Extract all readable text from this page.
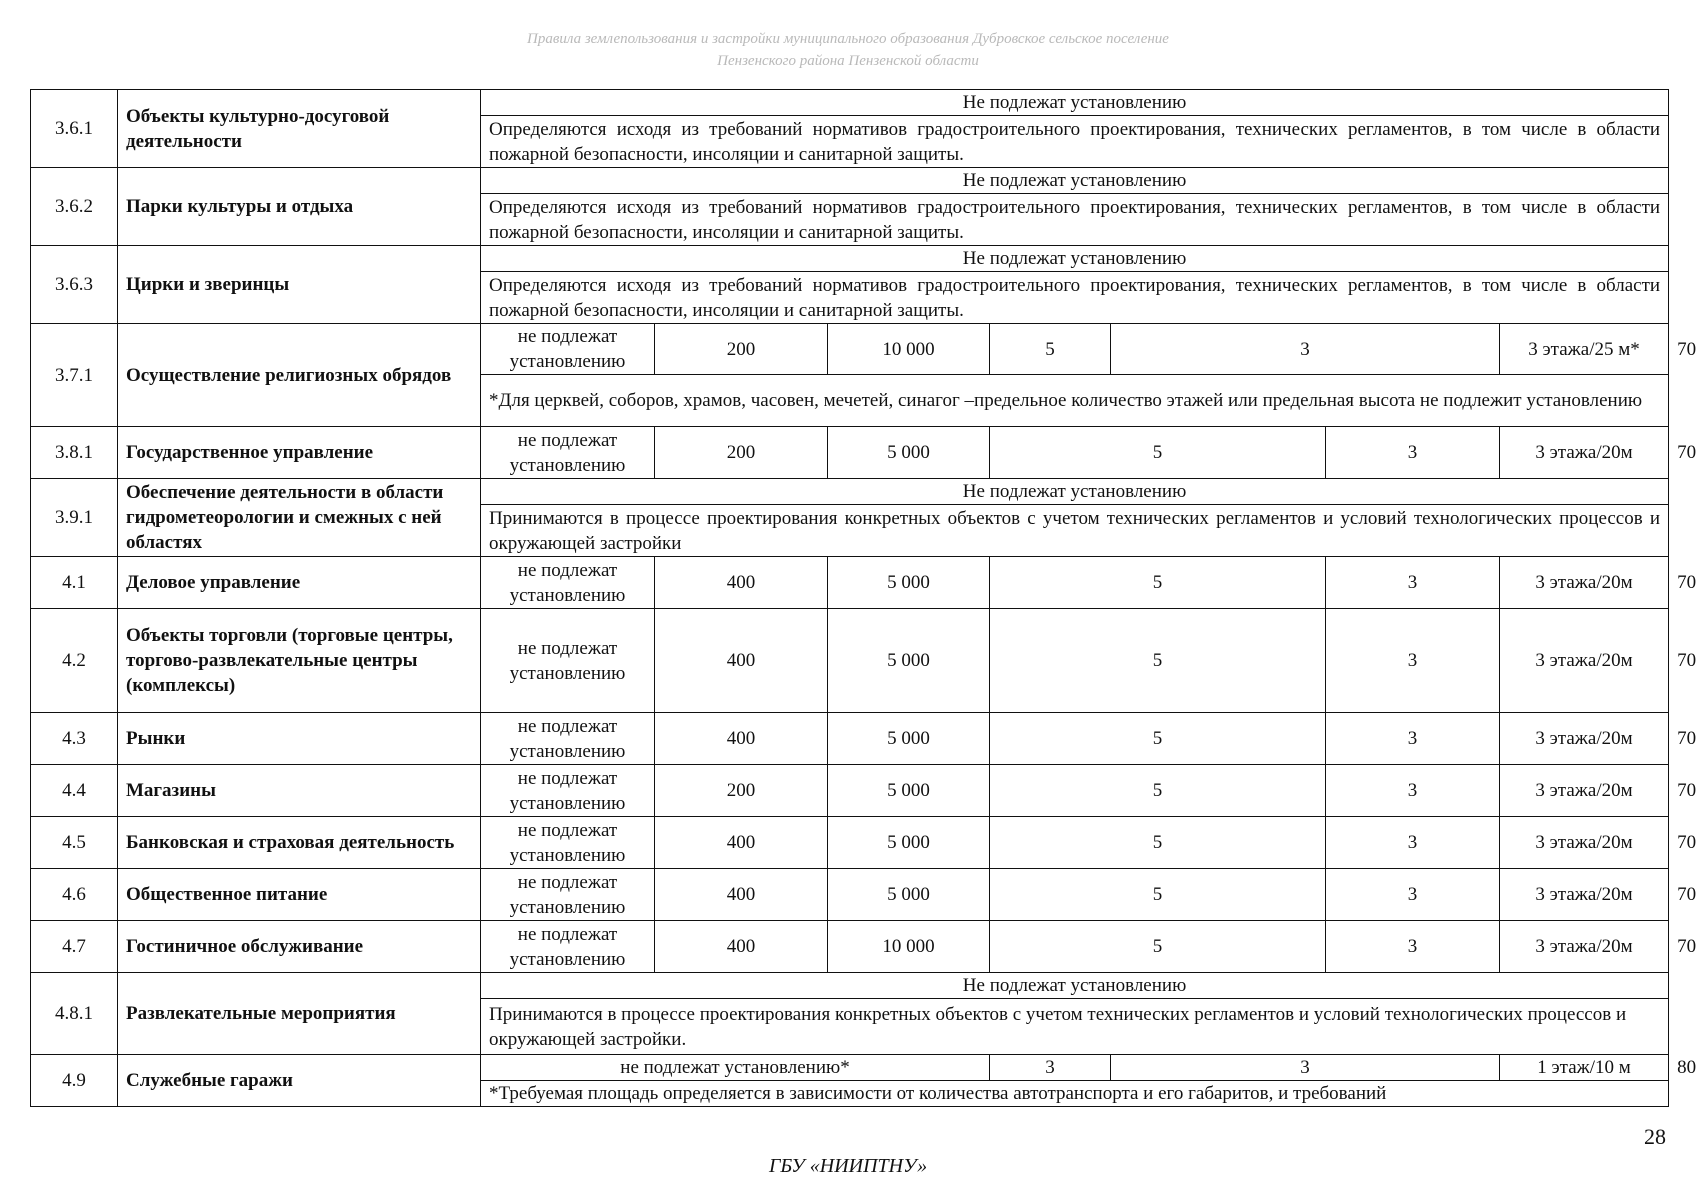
Правила землепользования и застройки муниципального образования Дубровское сельское поселение
Пензенского района Пензенской области
3.6.1	Объекты культурно-досуговой деятельности	Не подлежат установлению							
		Определяются исходя из требований нормативов градостроительного проектирования, технических регламентов, в том числе в области пожарной безопасности, инсоляции и санитарной защиты.							
3.6.2	Парки культуры и отдыха	Не подлежат установлению							
		Определяются исходя из требований нормативов градостроительного проектирования, технических регламентов, в том числе в области пожарной безопасности, инсоляции и санитарной защиты.							
3.6.3	Цирки и зверинцы	Не подлежат установлению							
		Определяются исходя из требований нормативов градостроительного проектирования, технических регламентов, в том числе в области пожарной безопасности, инсоляции и санитарной защиты.							
3.7.1	Осуществление религиозных обрядов	не подлежат установлению	200	10 000	5	3		3 этажа/25 м*	70
		*Для церквей, соборов, храмов, часовен, мечетей, синагог –предельное количество этажей или предельная высота не подлежит установлению							
3.8.1	Государственное управление	не подлежат установлению	200	5 000	5		3	3 этажа/20м	70
3.9.1	Обеспечение деятельности в области гидрометеорологии и смежных с ней областях	Не подлежат установлению							
		Принимаются в процессе проектирования конкретных объектов с учетом технических регламентов и условий технологических процессов и окружающей застройки							
4.1	Деловое управление	не подлежат установлению	400	5 000	5		3	3 этажа/20м	70
4.2	Объекты торговли (торговые центры, торгово-развлекательные центры (комплексы)	не подлежат установлению	400	5 000	5		3	3 этажа/20м	70
4.3	Рынки	не подлежат установлению	400	5 000	5		3	3 этажа/20м	70
4.4	Магазины	не подлежат установлению	200	5 000	5		3	3 этажа/20м	70
4.5	Банковская и страховая деятельность	не подлежат установлению	400	5 000	5		3	3 этажа/20м	70
4.6	Общественное питание	не подлежат установлению	400	5 000	5		3	3 этажа/20м	70
4.7	Гостиничное обслуживание	не подлежат установлению	400	10 000	5		3	3 этажа/20м	70
4.8.1	Развлекательные мероприятия	Не подлежат установлению							
		Принимаются в процессе проектирования конкретных объектов с учетом технических регламентов и условий технологических процессов и окружающей застройки.							
4.9	Служебные гаражи	не подлежат установлению*			3	3		1 этаж/10 м	80
		*Требуемая площадь определяется в зависимости от количества автотранспорта и его габаритов, и требований							
28
ГБУ «НИИПТНУ»
